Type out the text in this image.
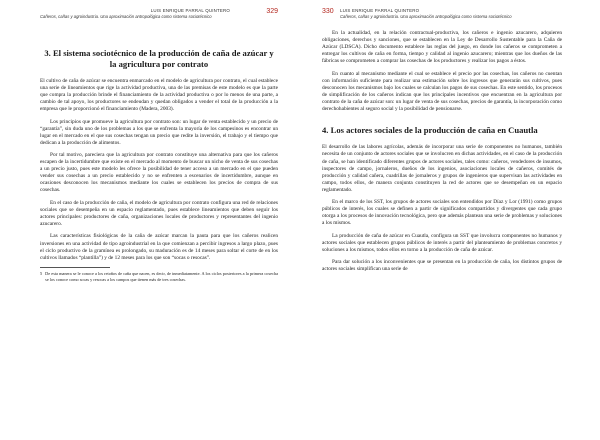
LUIS ENRIQUE PARRAL QUINTERO
Cañeros, cañas y agroindustria. Una aproximación antropológica como sistema sociotécnico
329
3. El sistema sociotécnico de la producción de caña de azúcar y la agricultura por contrato

El cultivo de caña de azúcar se encuentra enmarcado en el modelo de agricultura por contrato, el cual establece una serie de lineamientos que rige la actividad productiva, una de las premisas de este modelo es que la parte que compra la producción brinde el financiamiento de la actividad productiva o por lo menos de una parte, a cambio de tal apoyo, los productores se endeudan y quedan obligados a vender el total de la producción a la empresa que le proporcionó el financiamiento (Madera, 2003).

Los principios que promueve la agricultura por contrato son: un lugar de venta establecido y un precio de “garantía”, sin duda uno de los problemas a los que se enfrenta la mayoría de los campesinos es encontrar un lugar en el mercado en el que sus cosechas tengan un precio que redite la inversión, el trabajo y el tiempo que dedican a la producción de alimentos.

Por tal motivo, pareciera que la agricultura por contrato constituye una alternativa para que los cañeros escapen de la incertidumbre que existe en el mercado al momento de buscar un nicho de venta de sus cosechas a un precio justo, pues este modelo les ofrece la posibilidad de tener acceso a un mercado en el que pueden vender sus cosechas a un precio establecido y no se enfrenten a escenarios de incertidumbre, aunque en ocasiones desconocen los mecanismos mediante los cuales se establecen los precios de compra de sus cosechas.

En el caso de la producción de caña, el modelo de agricultura por contrato configura una red de relaciones sociales que se desempeña en un espacio reglamentado, pues establece lineamientos que deben seguir los actores principales: productores de caña, organizaciones locales de productores y representantes del ingenio azucarero.

Las características fisiológicas de la caña de azúcar marcan la pauta para que los cañeros realicen inversiones en una actividad de tipo agroindustrial en la que comienzan a percibir ingresos a largo plazo, pues el ciclo productivo de la gramínea es prolongado, su maduración es de 14 meses para soltar el corte de en los cultivos llamados “plantilla”) y de 12 meses para los que son “socas o resocas”.

5 De esta manera se le conoce a los retoños de caña que nacen, es decir, de inmediatamente. A los ciclos posteriores a la primera cosecha se los conoce como socas y resocas a los campos que tienen más de tres cosechas.
330 LUIS ENRIQUE PARRAL QUINTERO
Cañeros, cañas y agroindustria. Una aproximación antropológica como sistema sociotécnico

En la actualidad, en la relación contractual-productiva, los cañeros e ingenio azucarero, adquieren obligaciones, derechos y sanciones, que se establecen en la Ley de Desarrollo Sustentable para la Caña de Azúcar (LDSCA). Dicho documento establece las reglas del juego, en donde los cañeros se comprometen a entregar los cultivos de caña en forma, tiempo y calidad al ingenio azucarero; mientras que los dueños de las fábricas se comprometen a comprar las cosechas de los productores y realizar los pagos a éstos.

En cuanto al mecanismo mediante el cual se establece el precio por las cosechas, los cañeros no cuentan con información suficiente para realizar una estimación sobre los ingresos que generarán sus cultivos, pues desconocen los mecanismos bajo los cuales se calculan los pagos de sus cosechas. En este sentido, los procesos de simplificación de los cañeros indican que los principales incentivos que encuentran en la agricultura por contrato de la caña de azúcar son: un lugar de venta de sus cosechas, precios de garantía, la incorporación como derechohabientes al seguro social y la posibilidad de pensionarse.

4. Los actores sociales de la producción de caña en Cuautla

El desarrollo de las labores agrícolas, además de incorporar una serie de componentes no humanos, también necesita de un conjunto de actores sociales que se involucren en dichas actividades, en el caso de la producción de caña, se han identificado diferentes grupos de actores sociales, tales como: cañeros, vendedores de insumos, inspectores de campo, jornaleros, dueños de los ingenios, asociaciones locales de cañeros, comités de producción y calidad cañera, cuadrillas de jornaleros y grupos de ingenieros que supervisan las actividades en campo, todos ellos, de manera conjunta constituyen la red de actores que se desempeñan en un espacio reglamentado.

En el marco de los SST, los grupos de actores sociales son entendidos por Díaz y Lor (1991) como grupos públicos de interés, los cuales se definen a partir de significados compartidos y divergentes que cada grupo otorga a los procesos de innovación tecnológica, pero que además plantean una serie de problemas y soluciones a los mismos.

La producción de caña de azúcar en Cuautla, configura un SST que involucra componentes no humanos y actores sociales que establecen grupos públicos de interés a partir del planteamiento de problemas concretos y soluciones a los mismos, todos ellos en torno a la producción de caña de azúcar.

Para dar solución a los inconvenientes que se presentan en la producción de caña, los distintos grupos de actores sociales simplifican una serie de
